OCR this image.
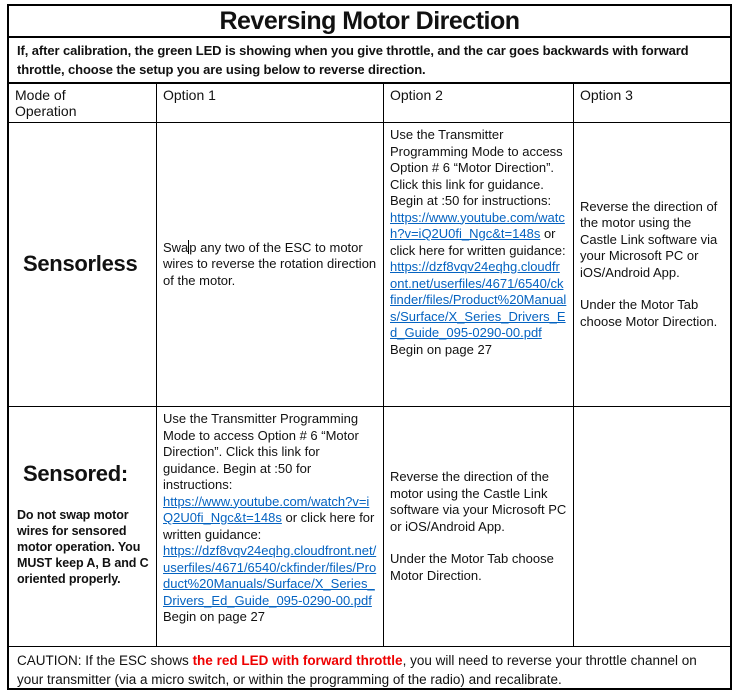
Reversing Motor Direction
If, after calibration, the green LED is showing when you give throttle, and the car goes backwards with forward throttle, choose the setup you are using below to reverse direction.
Mode of Operation
Option 1	Option 2	Option 3
Sensorless
Swap any two of the ESC to motor wires to reverse the rotation direction of the motor.
Use the Transmitter Programming Mode to access Option # 6 “Motor Direction”. Click this link for guidance. Begin at :50 for instructions: https://www.youtube.com/watch?v=iQ2U0fi_Ngc&t=148s or click here for written guidance: https://dzf8vqv24eqhg.cloudfront.net/userfiles/4671/6540/ckfinder/files/Product%20Manuals/Surface/X_Series_Drivers_Ed_Guide_095-0290-00.pdf
Begin on page 27
Reverse the direction of the motor using the Castle Link software via your Microsoft PC or iOS/Android App.
Under the Motor Tab choose Motor Direction.
Sensored:
Do not swap motor wires for sensored motor operation. You MUST keep A, B and C oriented properly.
Use the Transmitter Programming Mode to access Option # 6 “Motor Direction”. Click this link for guidance. Begin at :50 for instructions: https://www.youtube.com/watch?v=iQ2U0fi_Ngc&t=148s or click here for written guidance: https://dzf8vqv24eqhg.cloudfront.net/userfiles/4671/6540/ckfinder/files/Product%20Manuals/Surface/X_Series_Drivers_Ed_Guide_095-0290-00.pdf Begin on page 27
Reverse the direction of the motor using the Castle Link software via your Microsoft PC or iOS/Android App.
Under the Motor Tab choose Motor Direction.
CAUTION: If the ESC shows the red LED with forward throttle, you will need to reverse your throttle channel on your transmitter (via a micro switch, or within the programming of the radio) and recalibrate.
